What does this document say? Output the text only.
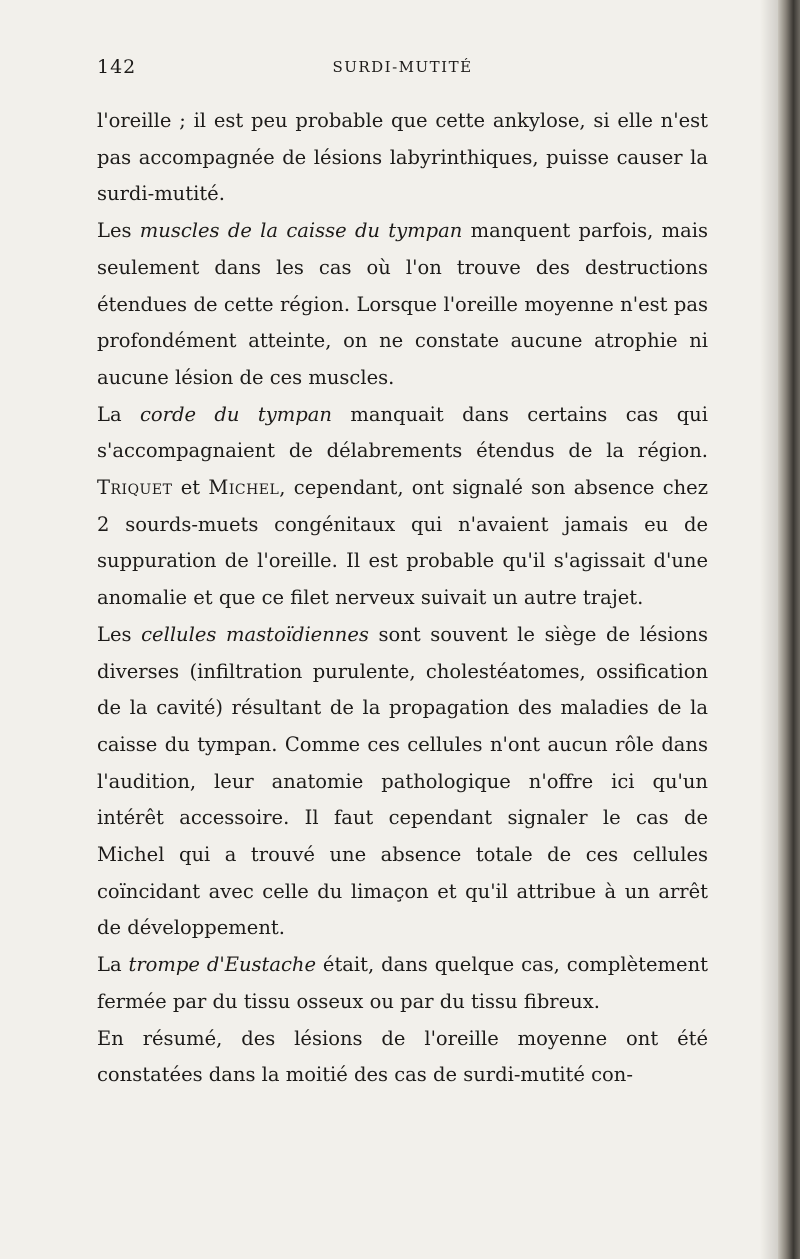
142	SURDI-MUTITÉ

l'oreille ; il est peu probable que cette ankylose, si elle n'est pas accompagnée de lésions labyrinthiques, puisse causer la surdi-mutité.

Les muscles de la caisse du tympan manquent parfois, mais seulement dans les cas où l'on trouve des destructions étendues de cette région. Lorsque l'oreille moyenne n'est pas profondément atteinte, on ne constate aucune atrophie ni aucune lésion de ces muscles.

La corde du tympan manquait dans certains cas qui s'accompagnaient de délabrements étendus de la région. Triquet et Michel, cependant, ont signalé son absence chez 2 sourds-muets congénitaux qui n'avaient jamais eu de suppuration de l'oreille. Il est probable qu'il s'agissait d'une anomalie et que ce filet nerveux suivait un autre trajet.

Les cellules mastoïdiennes sont souvent le siège de lésions diverses (infiltration purulente, cholestéatomes, ossification de la cavité) résultant de la propagation des maladies de la caisse du tympan. Comme ces cellules n'ont aucun rôle dans l'audition, leur anatomie pathologique n'offre ici qu'un intérêt accessoire. Il faut cependant signaler le cas de Michel qui a trouvé une absence totale de ces cellules coïncidant avec celle du limaçon et qu'il attribue à un arrêt de développement.

La trompe d'Eustache était, dans quelque cas, complètement fermée par du tissu osseux ou par du tissu fibreux.

En résumé, des lésions de l'oreille moyenne ont été constatées dans la moitié des cas de surdi-mutité con-
